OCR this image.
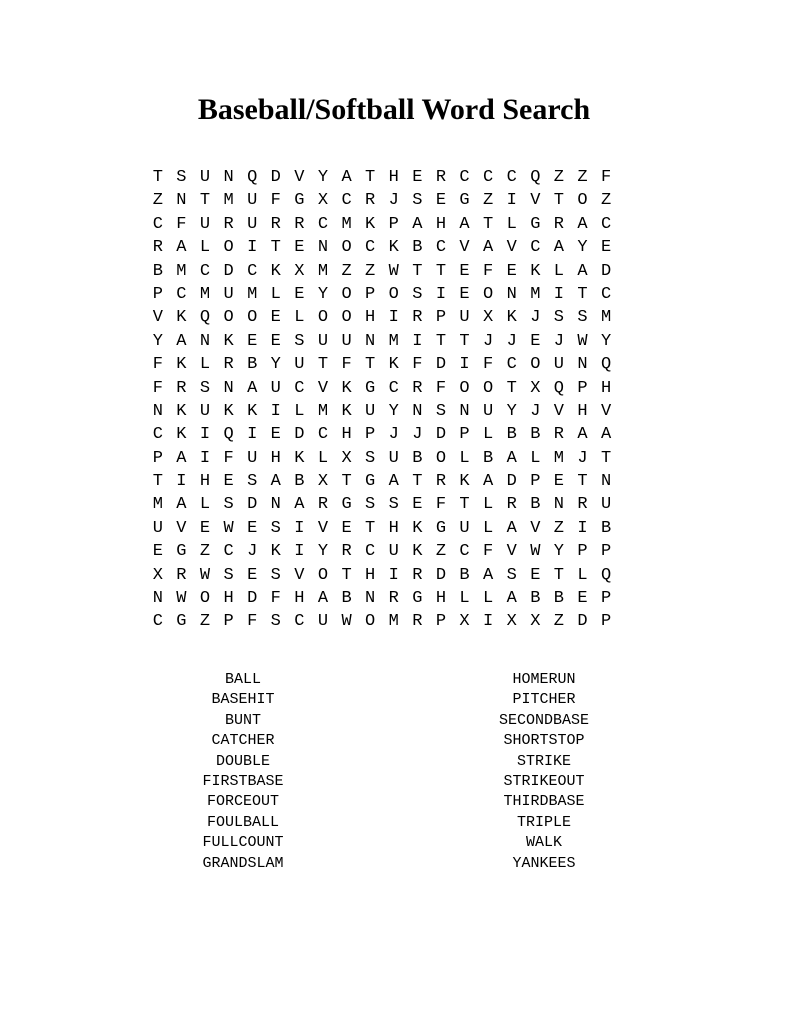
Baseball/Softball Word Search
T S U N Q D V Y A T H E R C C C Q Z Z F
Z N T M U F G X C R J S E G Z I V T O Z
C F U R U R R C M K P A H A T L G R A C
R A L O I T E N O C K B C V A V C A Y E
B M C D C K X M Z Z W T T E F E K L A D
P C M U M L E Y O P O S I E O N M I T C
V K Q O O E L O O H I R P U X K J S S M
Y A N K E E S U U N M I T T J J E J W Y
F K L R B Y U T F T K F D I F C O U N Q
F R S N A U C V K G C R F O O T X Q P H
N K U K K I L M K U Y N S N U Y J V H V
C K I Q I E D C H P J J D P L B B R A A
P A I F U H K L X S U B O L B A L M J T
T I H E S A B X T G A T R K A D P E T N
M A L S D N A R G S S E F T L R B N R U
U V E W E S I V E T H K G U L A V Z I B
E G Z C J K I Y R C U K Z C F V W Y P P
X R W S E S V O T H I R D B A S E T L Q
N W O H D F H A B N R G H L L A B B E P
C G Z P F S C U W O M R P X I X X Z D P
BALL
BASEHIT
BUNT
CATCHER
DOUBLE
FIRSTBASE
FORCEOUT
FOULBALL
FULLCOUNT
GRANDSLAM
HOMERUN
PITCHER
SECONDBASE
SHORTSTOP
STRIKE
STRIKEOUT
THIRDBASE
TRIPLE
WALK
YANKEES
